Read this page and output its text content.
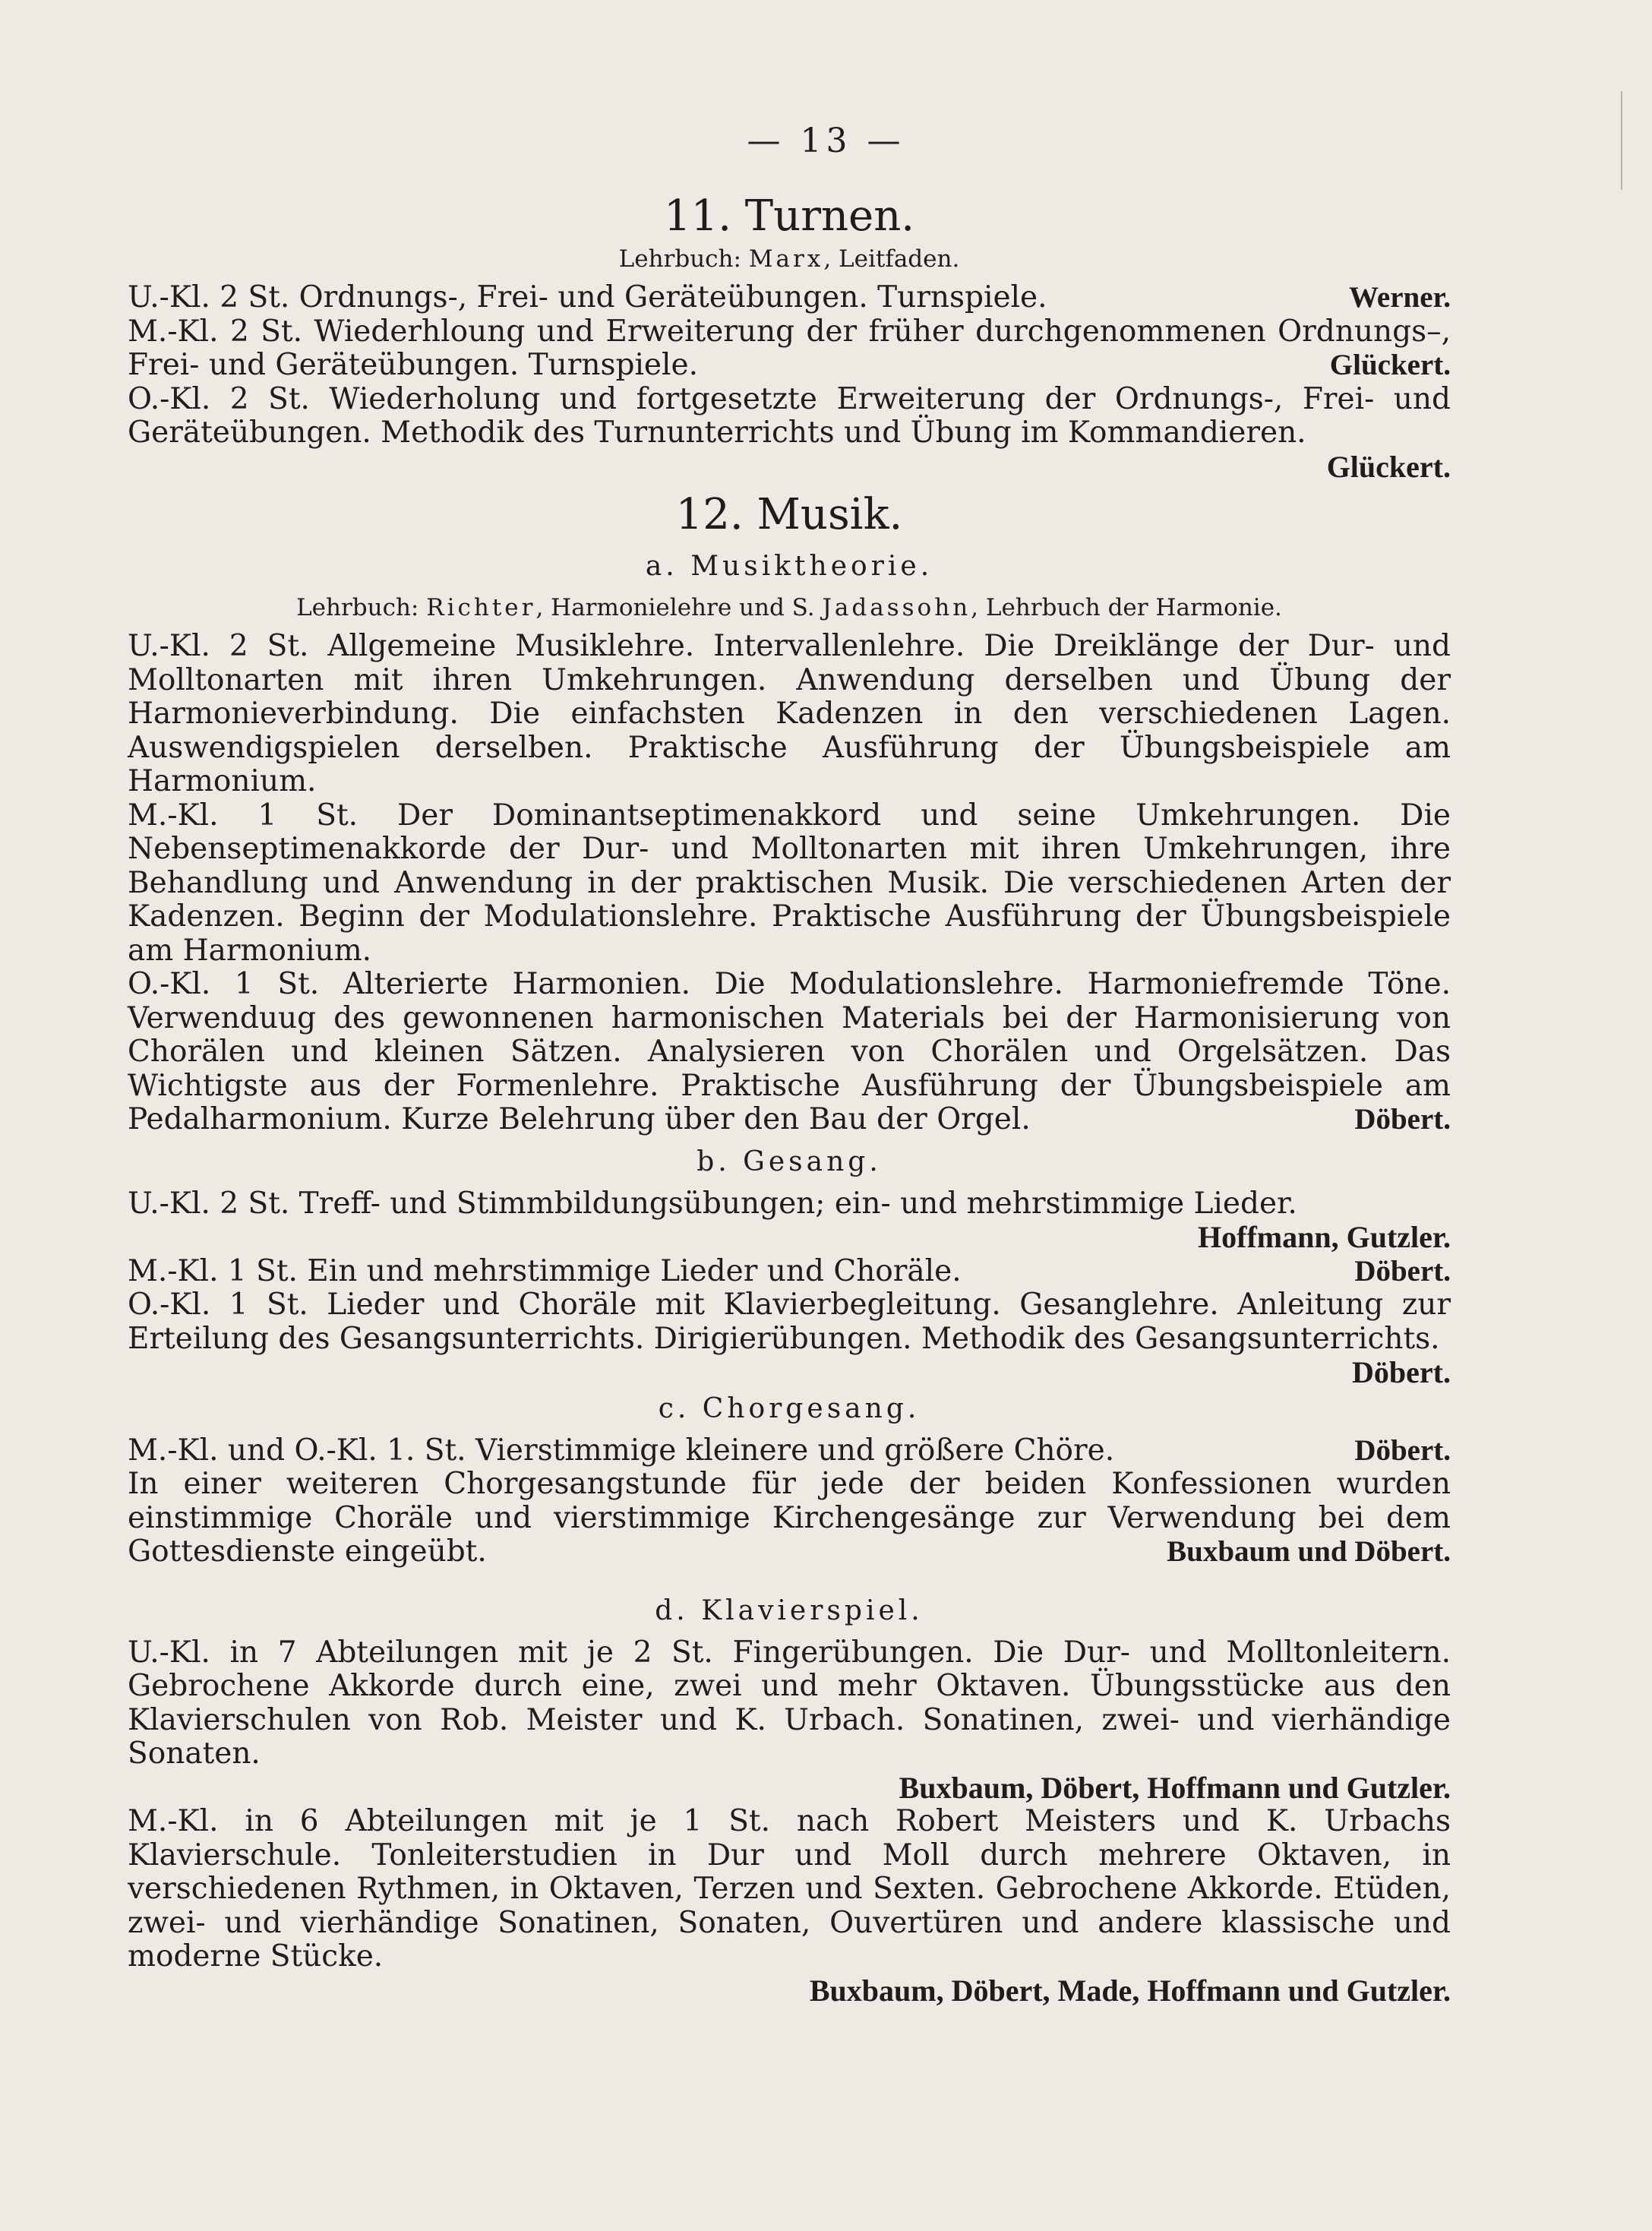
— 13 —
11. Turnen.
Lehrbuch: Marx, Leitfaden.

U.-Kl. 2 St. Ordnungs-, Frei- und Geräteübungen. Turnspiele.	Werner.

M.-Kl. 2 St. Wiederhloung und Erweiterung der früher durchgenommenen Ordnungs–, Frei- und Geräteübungen. Turnspiele.	Glückert.

O.-Kl. 2 St. Wiederholung und fortgesetzte Erweiterung der Ordnungs-, Frei- und Geräteübungen. Methodik des Turnunterrichts und Übung im Kommandieren.

Glückert.
12. Musik.
a. Musiktheorie.
Lehrbuch: Richter, Harmonielehre und S. Jadassohn, Lehrbuch der Harmonie.

U.-Kl. 2 St. Allgemeine Musiklehre. Intervallenlehre. Die Dreiklänge der Dur- und Molltonarten mit ihren Umkehrungen. Anwendung derselben und Übung der Harmonieverbindung. Die einfachsten Kadenzen in den verschiedenen Lagen. Auswendigspielen derselben. Praktische Ausführung der Übungsbeispiele am Harmonium.

M.-Kl. 1 St. Der Dominantseptimenakkord und seine Umkehrungen. Die Nebenseptimenakkorde der Dur- und Molltonarten mit ihren Umkehrungen, ihre Behandlung und Anwendung in der praktischen Musik. Die verschiedenen Arten der Kadenzen. Beginn der Modulationslehre. Praktische Ausführung der Übungsbeispiele am Harmonium.

O.-Kl. 1 St. Alterierte Harmonien. Die Modulationslehre. Harmoniefremde Töne. Verwenduug des gewonnenen harmonischen Materials bei der Harmonisierung von Chorälen und kleinen Sätzen. Analysieren von Chorälen und Orgelsätzen. Das Wichtigste aus der Formenlehre. Praktische Ausführung der Übungsbeispiele am Pedalharmonium. Kurze Belehrung über den Bau der Orgel.	Döbert.

b. Gesang.

U.-Kl. 2 St. Treff- und Stimmbildungsübungen; ein- und mehrstimmige Lieder.

Hoffmann, Gutzler.

M.-Kl. 1 St. Ein und mehrstimmige Lieder und Choräle.	Döbert.

O.-Kl. 1 St. Lieder und Choräle mit Klavierbegleitung. Gesanglehre. Anleitung zur Erteilung des Gesangsunterrichts. Dirigierübungen. Methodik des Gesangsunterrichts.

Döbert.
c. Chorgesang.

M.-Kl. und O.-Kl. 1. St. Vierstimmige kleinere und größere Chöre.	Döbert.

In einer weiteren Chorgesangstunde für jede der beiden Konfessionen wurden einstimmige Choräle und vierstimmige Kirchengesänge zur Verwendung bei dem Gottesdienste eingeübt.	Buxbaum und Döbert.

d. Klavierspiel.

U.-Kl. in 7 Abteilungen mit je 2 St. Fingerübungen. Die Dur- und Molltonleitern. Gebrochene Akkorde durch eine, zwei und mehr Oktaven. Übungsstücke aus den Klavierschulen von Rob. Meister und K. Urbach. Sonatinen, zwei- und vierhändige Sonaten.

Buxbaum, Döbert, Hoffmann und Gutzler.

M.-Kl. in 6 Abteilungen mit je 1 St. nach Robert Meisters und K. Urbachs Klavierschule. Tonleiterstudien in Dur und Moll durch mehrere Oktaven, in verschiedenen Rythmen, in Oktaven, Terzen und Sexten. Gebrochene Akkorde. Etüden, zwei- und vierhändige Sonatinen, Sonaten, Ouvertüren und andere klassische und moderne Stücke.

Buxbaum, Döbert, Made, Hoffmann und Gutzler.
